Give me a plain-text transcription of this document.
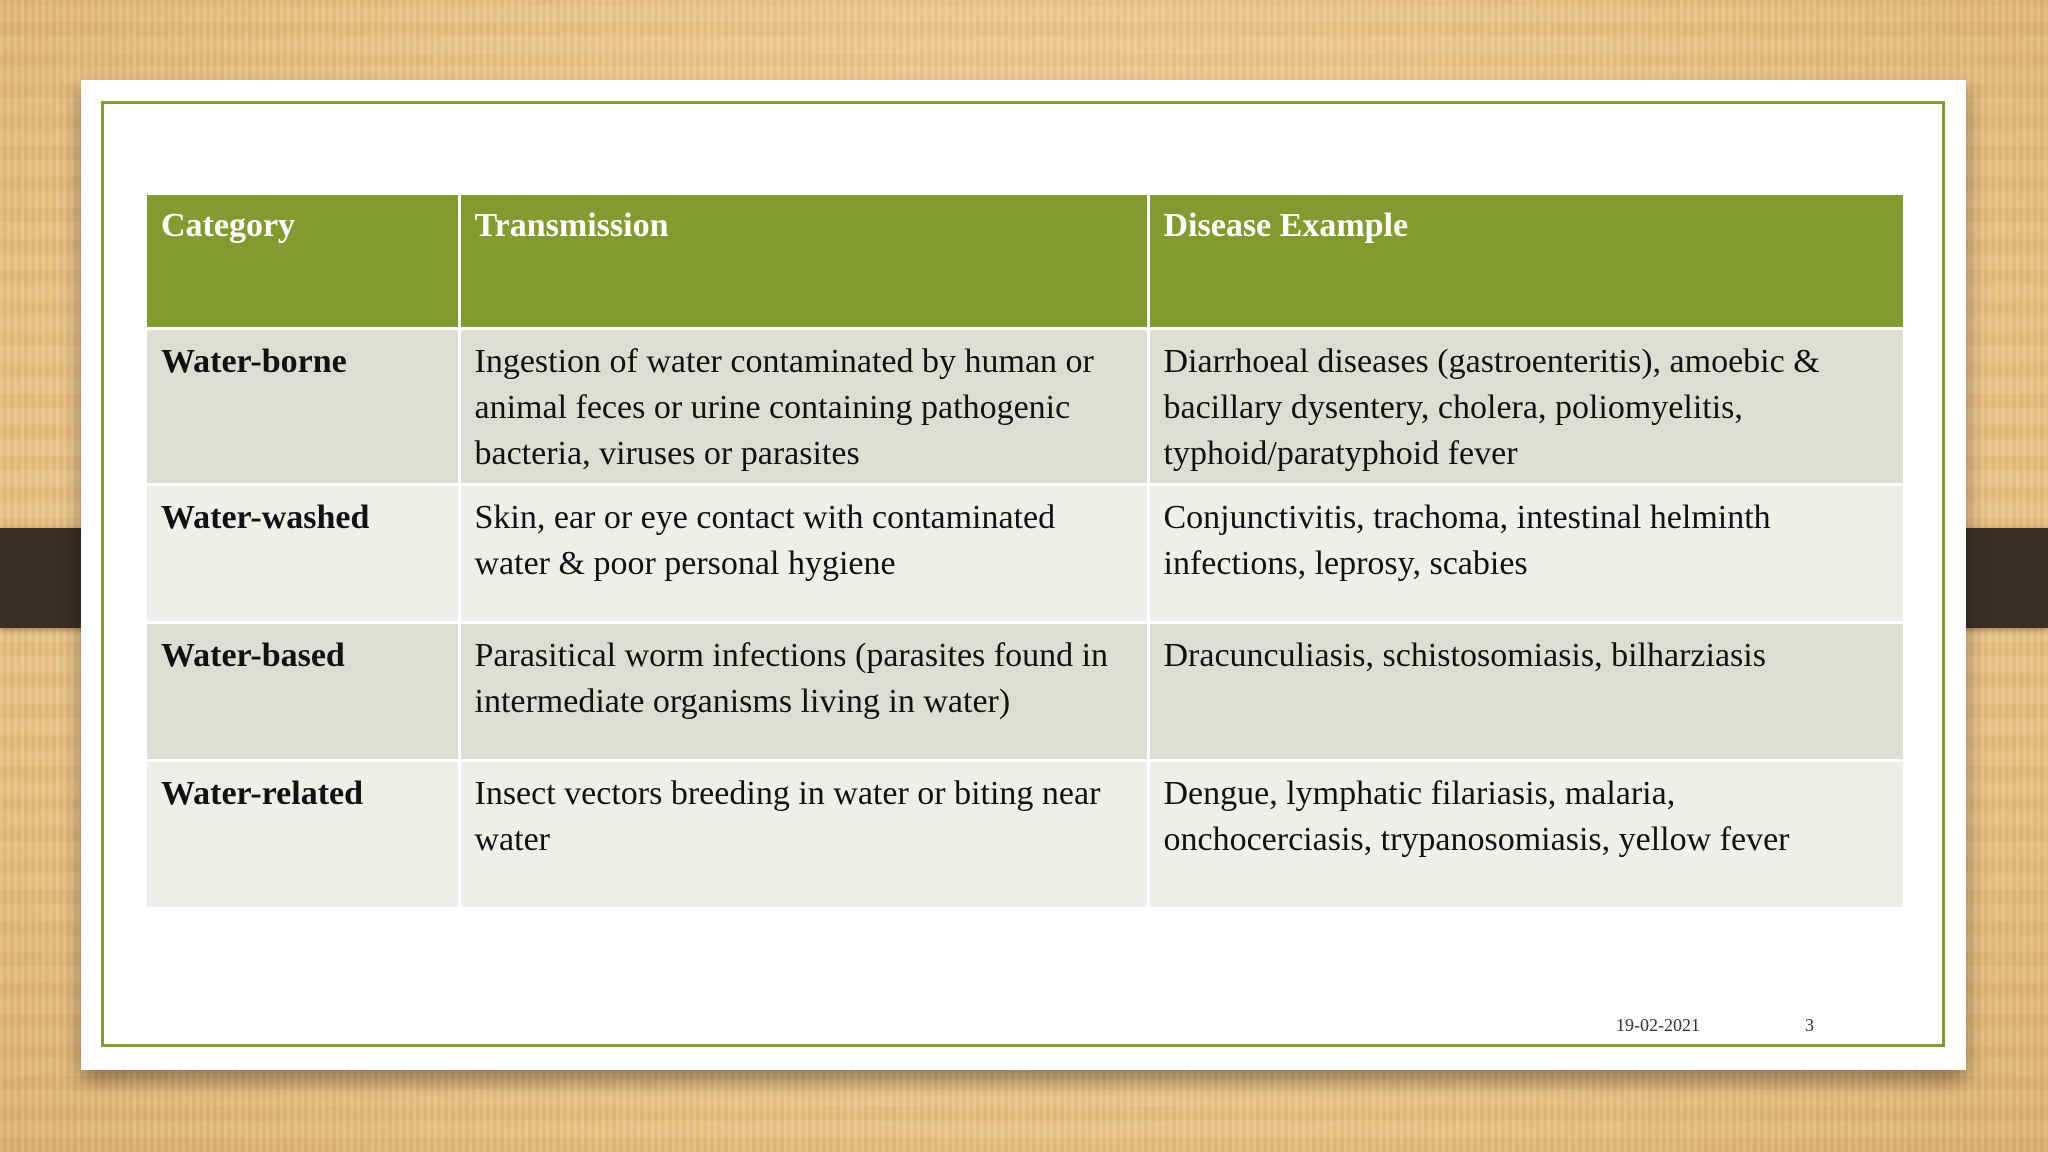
Category	Transmission	Disease Example
Water-borne	Ingestion of water contaminated by human or animal feces or urine containing pathogenic bacteria, viruses or parasites	Diarrhoeal diseases (gastroenteritis), amoebic & bacillary dysentery, cholera, poliomyelitis, typhoid/paratyphoid fever
Water-washed	Skin, ear or eye contact with contaminated water & poor personal hygiene	Conjunctivitis, trachoma, intestinal helminth infections, leprosy, scabies
Water-based	Parasitical worm infections (parasites found in intermediate organisms living in water)	Dracunculiasis, schistosomiasis, bilharziasis
Water-related	Insect vectors breeding in water or biting near water	Dengue, lymphatic filariasis, malaria, onchocerciasis, trypanosomiasis, yellow fever
19-02-2021	3
